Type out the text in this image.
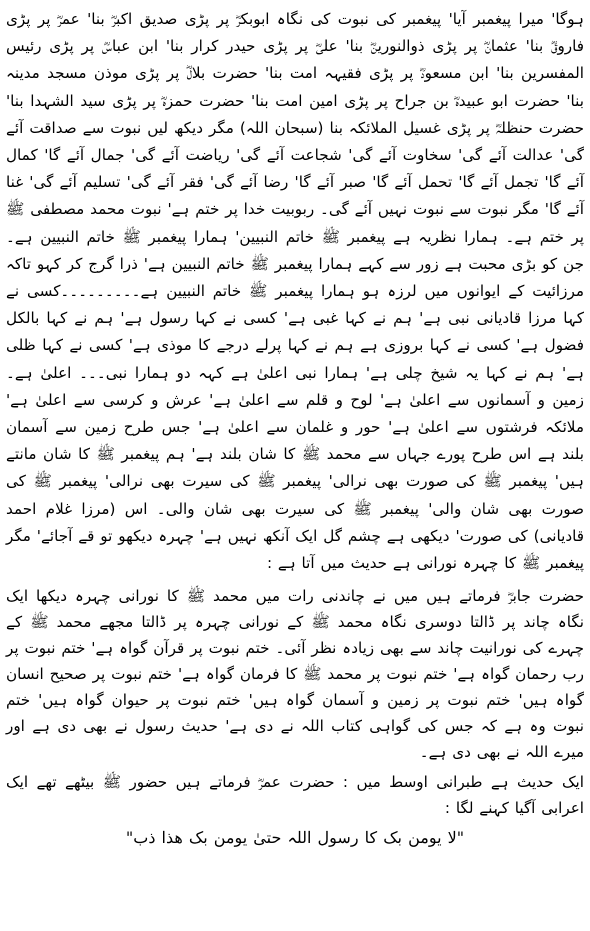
ہوگا' میرا پیغمبر آیا' پیغمبر کی نبوت کی نگاہ ابوبکرؓ پر پڑی صدیق اکبرؓ بنا' عمرؓ پر پڑی فاروقؓ بنا' عثمانؓ پر پڑی ذوالنورینؓ بنا' علیؓ پر پڑی حیدر کرار بنا' ابن عباسؓ پر پڑی رئیس المفسرین بنا' ابن مسعودؓ پر پڑی فقیہہ امت بنا' حضرت بلالؓ پر پڑی موذن مسجد مدینہ بنا' حضرت ابو عبیدہؓ بن جراح پر پڑی امین امت بنا' حضرت حمزہؓ پر پڑی سید الشہدا بنا' حضرت حنظلہؓ پر پڑی غسیل الملائکہ بنا (سبحان اللہ) مگر دیکھ لیں نبوت سے صداقت آئے گی' عدالت آئے گی' سخاوت آئے گی' شجاعت آئے گی' ریاضت آئے گی' جمال آئے گا' کمال آئے گا' تجمل آئے گا' تحمل آئے گا' صبر آئے گا' رضا آئے گی' فقر آئے گی' تسلیم آئے گی' غنا آئے گا' مگر نبوت سے نبوت نہیں آئے گی۔ ربوبیت خدا پر ختم ہے' نبوت محمد مصطفی ﷺ پر ختم ہے۔ ہمارا نظریہ ہے پیغمبر ﷺ خاتم النبیین' ہمارا پیغمبر ﷺ خاتم النبیین ہے۔ جن کو بڑی محبت ہے زور سے کہے ہمارا پیغمبر ﷺ خاتم النبیین ہے' ذرا گرج کر کہو تاکہ مرزائیت کے ایوانوں میں لرزہ ہو ہمارا پیغمبر ﷺ خاتم النبیین ہے۔۔۔۔۔۔۔۔۔کسی نے کہا مرزا قادیانی نبی ہے' ہم نے کہا غبی ہے' کسی نے کہا رسول ہے' ہم نے کہا بالکل فضول ہے' کسی نے کہا بروزی ہے ہم نے کہا پرلے درجے کا موذی ہے' کسی نے کہا ظلی ہے' ہم نے کہا یہ شیخ چلی ہے' ہمارا نبی اعلیٰ ہے کہہ دو ہمارا نبی۔۔۔ اعلیٰ ہے۔ زمین و آسمانوں سے اعلیٰ ہے' لوح و قلم سے اعلیٰ ہے' عرش و کرسی سے اعلیٰ ہے' ملائکہ فرشتوں سے اعلیٰ ہے' حور و غلمان سے اعلیٰ ہے' جس طرح زمین سے آسمان بلند ہے اس طرح پورے جہاں سے محمد ﷺ کا شان بلند ہے' ہم پیغمبر ﷺ کا شان مانتے ہیں' پیغمبر ﷺ کی صورت بھی نرالی' پیغمبر ﷺ کی سیرت بھی نرالی' پیغمبر ﷺ کی صورت بھی شان والی' پیغمبر ﷺ کی سیرت بھی شان والی۔ اس (مرزا غلام احمد قادیانی) کی صورت' دیکھی ہے چشم گل ایک آنکھ نہیں ہے' چہرہ دیکھو تو قے آجائے' مگر پیغمبر ﷺ کا چہرہ نورانی ہے حدیث میں آتا ہے :

حضرت جابرؓ فرماتے ہیں میں نے چاندنی رات میں محمد ﷺ کا نورانی چہرہ دیکھا ایک نگاہ چاند پر ڈالتا دوسری نگاہ محمد ﷺ کے نورانی چہرہ پر ڈالتا مجھے محمد ﷺ کے چہرے کی نورانیت چاند سے بھی زیادہ نظر آئی۔ ختم نبوت پر قرآن گواہ ہے' ختم نبوت پر رب رحمان گواہ ہے' ختم نبوت پر محمد ﷺ کا فرمان گواہ ہے' ختم نبوت پر صحیح انسان گواہ ہیں' ختم نبوت پر زمین و آسمان گواہ ہیں' ختم نبوت پر حیوان گواہ ہیں' ختم نبوت وہ ہے کہ جس کی گواہی کتاب اللہ نے دی ہے' حدیث رسول نے بھی دی ہے اور میرے اللہ نے بھی دی ہے۔

ایک حدیث ہے طبرانی اوسط میں : حضرت عمرؓ فرماتے ہیں حضور ﷺ بیٹھے تھے ایک اعرابی آگیا کہنے لگا :

"لا یومن بک کا رسول اللہ حتیٰ یومن بک ھذا ذب"
